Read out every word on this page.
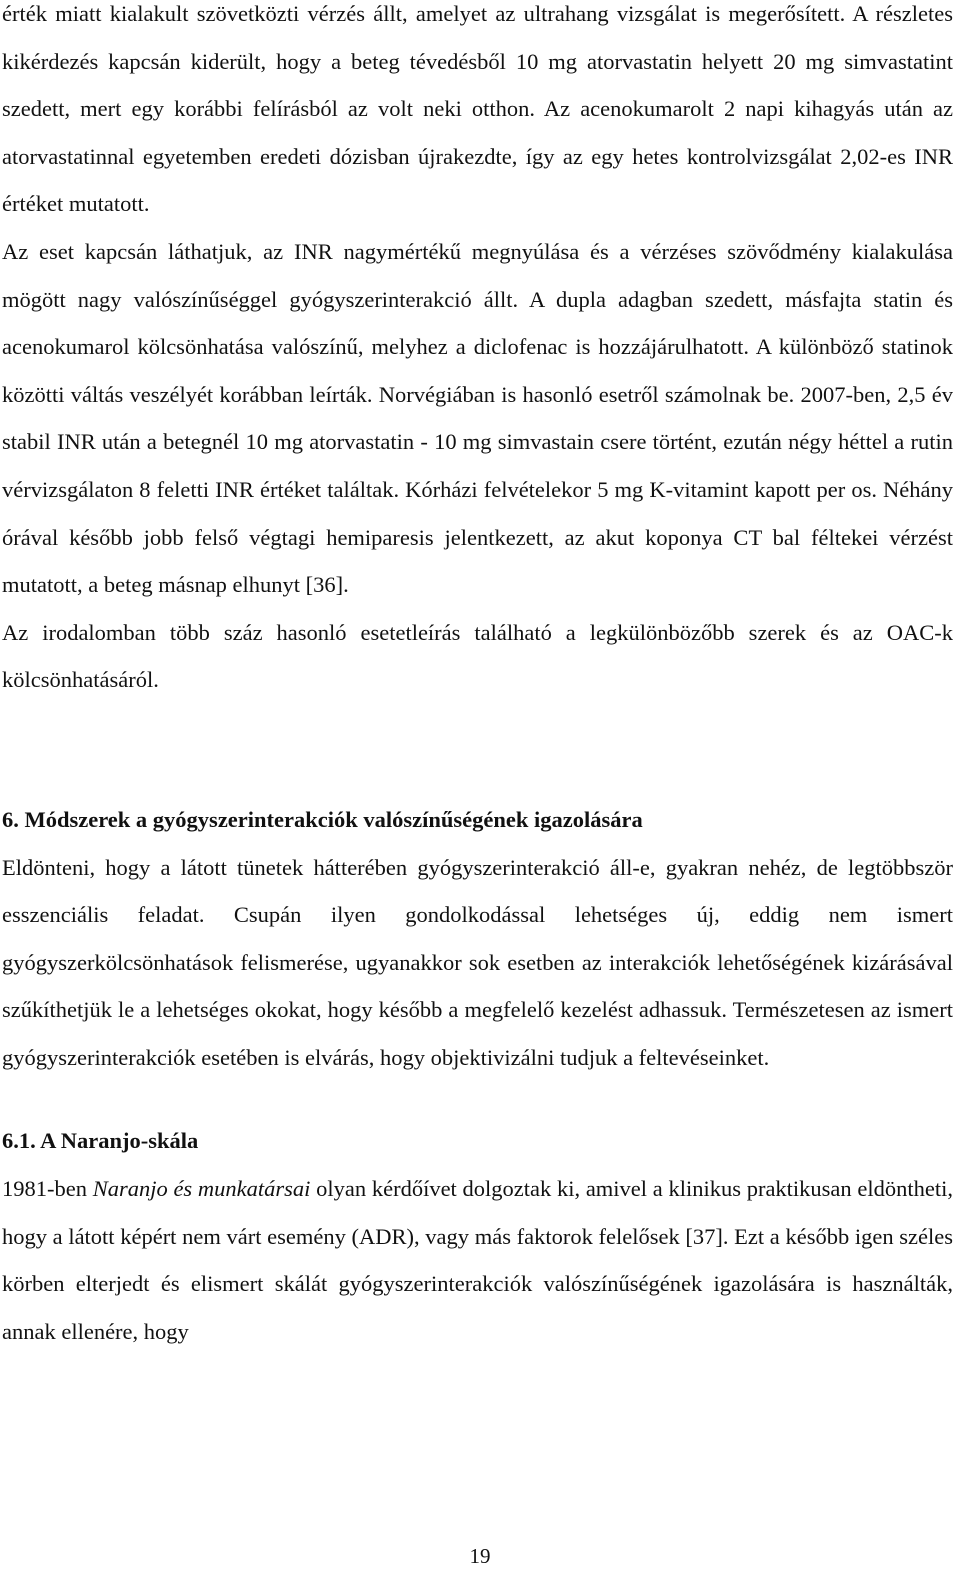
érték miatt kialakult szövetközti vérzés állt, amelyet az ultrahang vizsgálat is megerősített. A részletes kikérdezés kapcsán kiderült, hogy a beteg tévedésből 10 mg atorvastatin helyett 20 mg simvastatint szedett, mert egy korábbi felírásból az volt neki otthon. Az acenokumarolt 2 napi kihagyás után az atorvastatinnal egyetemben eredeti dózisban újrakezdte, így az egy hetes kontrolvizsgálat 2,02-es INR értéket mutatott.

Az eset kapcsán láthatjuk, az INR nagymértékű megnyúlása és a vérzéses szövődmény kialakulása mögött nagy valószínűséggel gyógyszerinterakció állt. A dupla adagban szedett, másfajta statin és acenokumarol kölcsönhatása valószínű, melyhez a diclofenac is hozzájárulhatott. A különböző statinok közötti váltás veszélyét korábban leírták. Norvégiában is hasonló esetről számolnak be. 2007-ben, 2,5 év stabil INR után a betegnél 10 mg atorvastatin - 10 mg simvastain csere történt, ezután négy héttel a rutin vérvizsgálaton 8 feletti INR értéket találtak. Kórházi felvételekor 5 mg K-vitamint kapott per os. Néhány órával később jobb felső végtagi hemiparesis jelentkezett, az akut koponya CT bal féltekei vérzést mutatott, a beteg másnap elhunyt [36].

Az irodalomban több száz hasonló esetetleírás található a legkülönbözőbb szerek és az OAC-k kölcsönhatásáról.

6. Módszerek a gyógyszerinterakciók valószínűségének igazolására

Eldönteni, hogy a látott tünetek hátterében gyógyszerinterakció áll-e, gyakran nehéz, de legtöbbször esszenciális feladat. Csupán ilyen gondolkodással lehetséges új, eddig nem ismert gyógyszerkölcsönhatások felismerése, ugyanakkor sok esetben az interakciók lehetőségének kizárásával szűkíthetjük le a lehetséges okokat, hogy később a megfelelő kezelést adhassuk. Természetesen az ismert gyógyszerinterakciók esetében is elvárás, hogy objektivizálni tudjuk a feltevéseinket.

6.1. A Naranjo-skála

1981-ben Naranjo és munkatársai olyan kérdőívet dolgoztak ki, amivel a klinikus praktikusan eldöntheti, hogy a látott képért nem várt esemény (ADR), vagy más faktorok felelősek [37]. Ezt a később igen széles körben elterjedt és elismert skálát gyógyszerinterakciók valószínűségének igazolására is használták, annak ellenére, hogy

19
